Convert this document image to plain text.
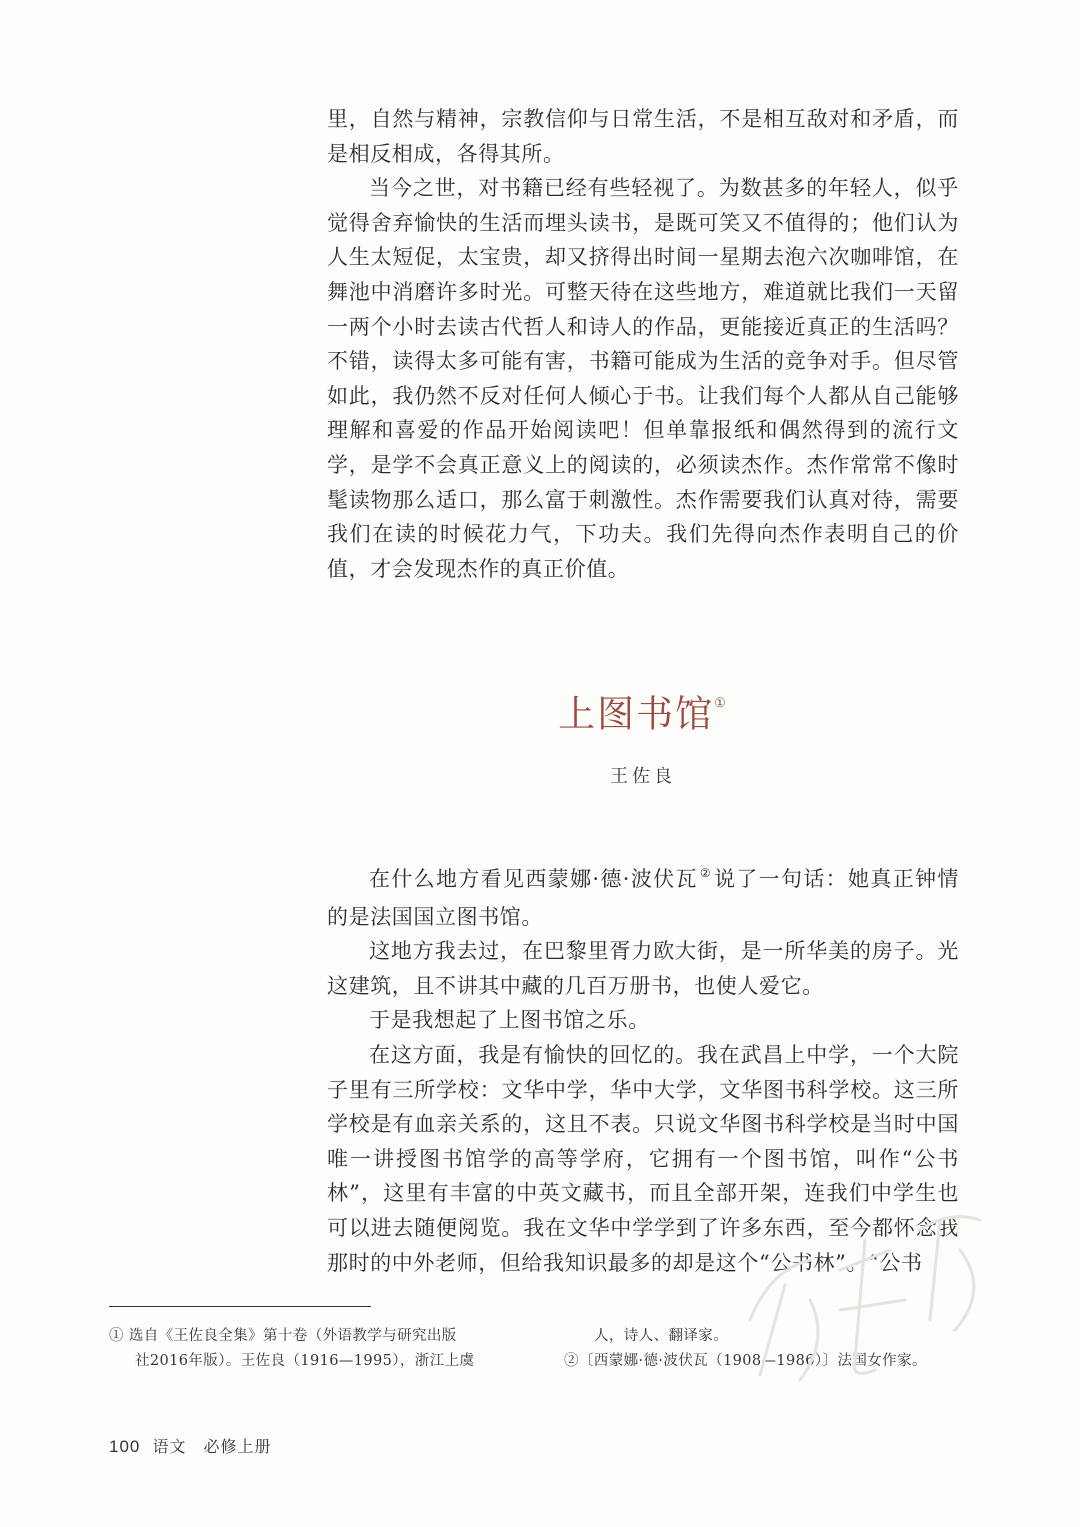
里，自然与精神，宗教信仰与日常生活，不是相互敌对和矛盾，而是相反相成，各得其所。

当今之世，对书籍已经有些轻视了。为数甚多的年轻人，似乎觉得舍弃愉快的生活而埋头读书，是既可笑又不值得的；他们认为人生太短促，太宝贵，却又挤得出时间一星期去泡六次咖啡馆，在舞池中消磨许多时光。可整天待在这些地方，难道就比我们一天留一两个小时去读古代哲人和诗人的作品，更能接近真正的生活吗？不错，读得太多可能有害，书籍可能成为生活的竞争对手。但尽管如此，我仍然不反对任何人倾心于书。让我们每个人都从自己能够理解和喜爱的作品开始阅读吧！但单靠报纸和偶然得到的流行文学，是学不会真正意义上的阅读的，必须读杰作。杰作常常不像时髦读物那么适口，那么富于刺激性。杰作需要我们认真对待，需要我们在读的时候花力气，下功夫。我们先得向杰作表明自己的价值，才会发现杰作的真正价值。

上图书馆①
王佐良

在什么地方看见西蒙娜·德·波伏瓦 ②说了一句话：她真正钟情的是法国国立图书馆。

这地方我去过，在巴黎里胥力欧大街，是一所华美的房子。光这建筑，且不讲其中藏的几百万册书，也使人爱它。

于是我想起了上图书馆之乐。

在这方面，我是有愉快的回忆的。我在武昌上中学，一个大院子里有三所学校：文华中学，华中大学，文华图书科学校。这三所学校是有血亲关系的，这且不表。只说文华图书科学校是当时中国唯一讲授图书馆学的高等学府，它拥有一个图书馆，叫作“公书林”，这里有丰富的中英文藏书，而且全部开架，连我们中学生也可以进去随便阅览。我在文华中学学到了许多东西，至今都怀念我那时的中外老师，但给我知识最多的却是这个“公书林”。“公书

① 选自《王佐良全集》第十卷（外语教学与研究出版
社2016年版）。王佐良（1916—1995），浙江上虞
人，诗人、翻译家。
②〔西蒙娜·德·波伏瓦（1908—1986）〕法国女作家。
100 语文　必修上册
